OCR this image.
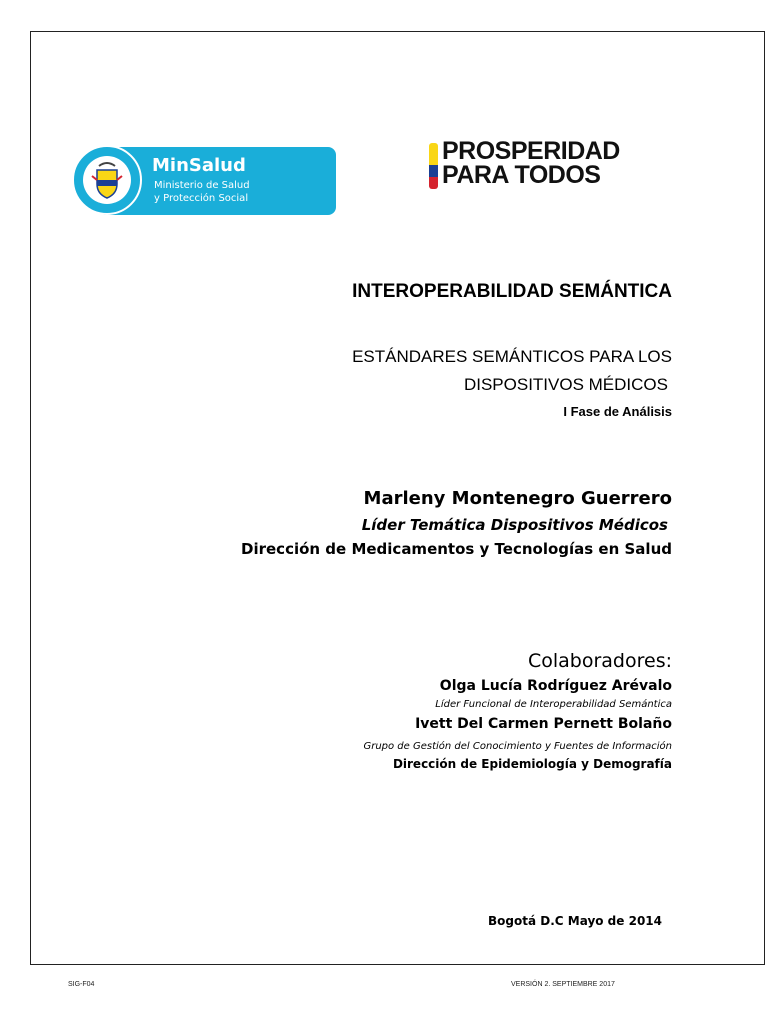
MinSalud
Ministerio de Salud
y Protección Social
PROSPERIDAD
PARA TODOS
INTEROPERABILIDAD SEMÁNTICA
ESTÁNDARES SEMÁNTICOS PARA LOS
DISPOSITIVOS MÉDICOS
I Fase de Análisis
Marleny Montenegro Guerrero
Líder Temática Dispositivos Médicos
Dirección de Medicamentos y Tecnologías en Salud
Colaboradores:
Olga Lucía Rodríguez Arévalo
Líder Funcional de Interoperabilidad Semántica
Ivett Del Carmen Pernett Bolaño
Grupo de Gestión del Conocimiento y Fuentes de Información
Dirección de Epidemiología y Demografía
Bogotá D.C Mayo de 2014
SIG-F04	VERSIÓN 2. SEPTIEMBRE 2017
